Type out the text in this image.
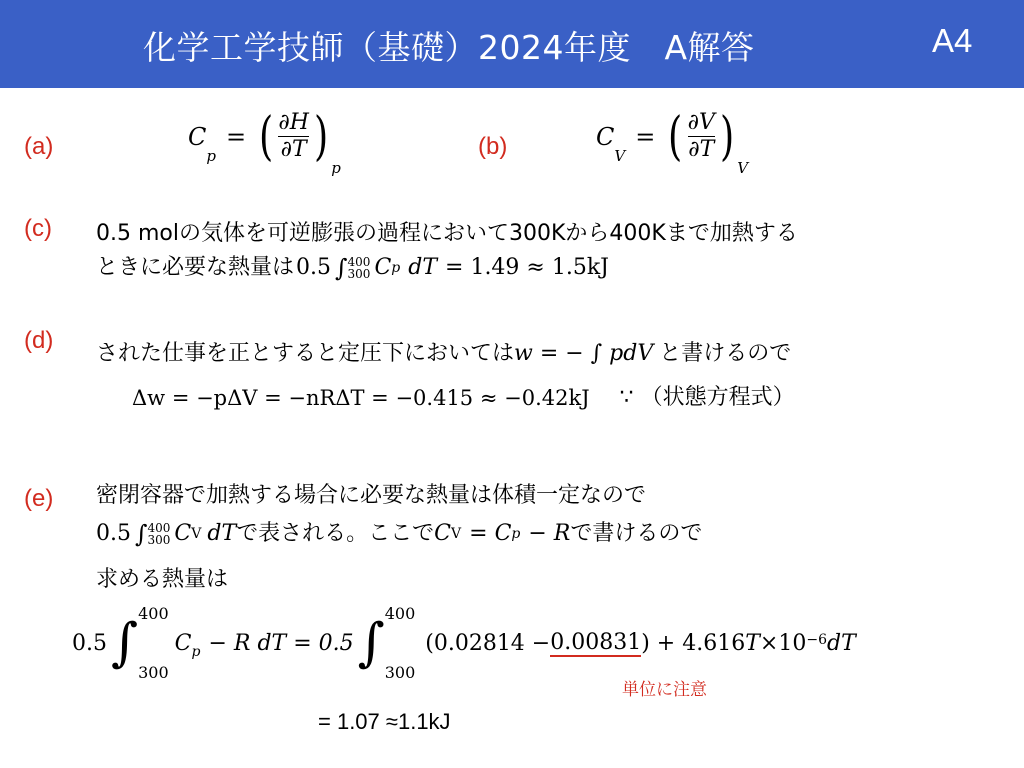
化学工学技師（基礎）2024年度　A解答	A4
(a)	C
p
= ( $\frac{\partial H}{\partial T}$ )
p
(b)	C
V
= ( $\frac{\partial V}{\partial T}$ )
V
(c) 0.5 molの気体を可逆膨張の過程において300Kから400Kまで加熱する
ときに必要な熱量は 0.5 ∫ 400
300 C p dT = 1.49 ≈ 1.5kJ
(d) された仕事を正とすると定圧下においては w = − ∫ pdV と書けるので
Δw = −pΔV = −nRΔT = −0.415 ≈ −0.42kJ ∵ （状態方程式）
(e) 密閉容器で加熱する場合に必要な熱量は体積一定なので
0.5 ∫ 400
300 C V dT で表される。ここで C V = C p − R で書けるので
求める熱量は
0.5 ∫ 400
300
C p − R dT = 0.5 ∫ 400
300
(0.02814 − 0.00831 ) + 4.616 T ×10 −6 dT
単位に注意
= 1.07 ≈1.1kJ
